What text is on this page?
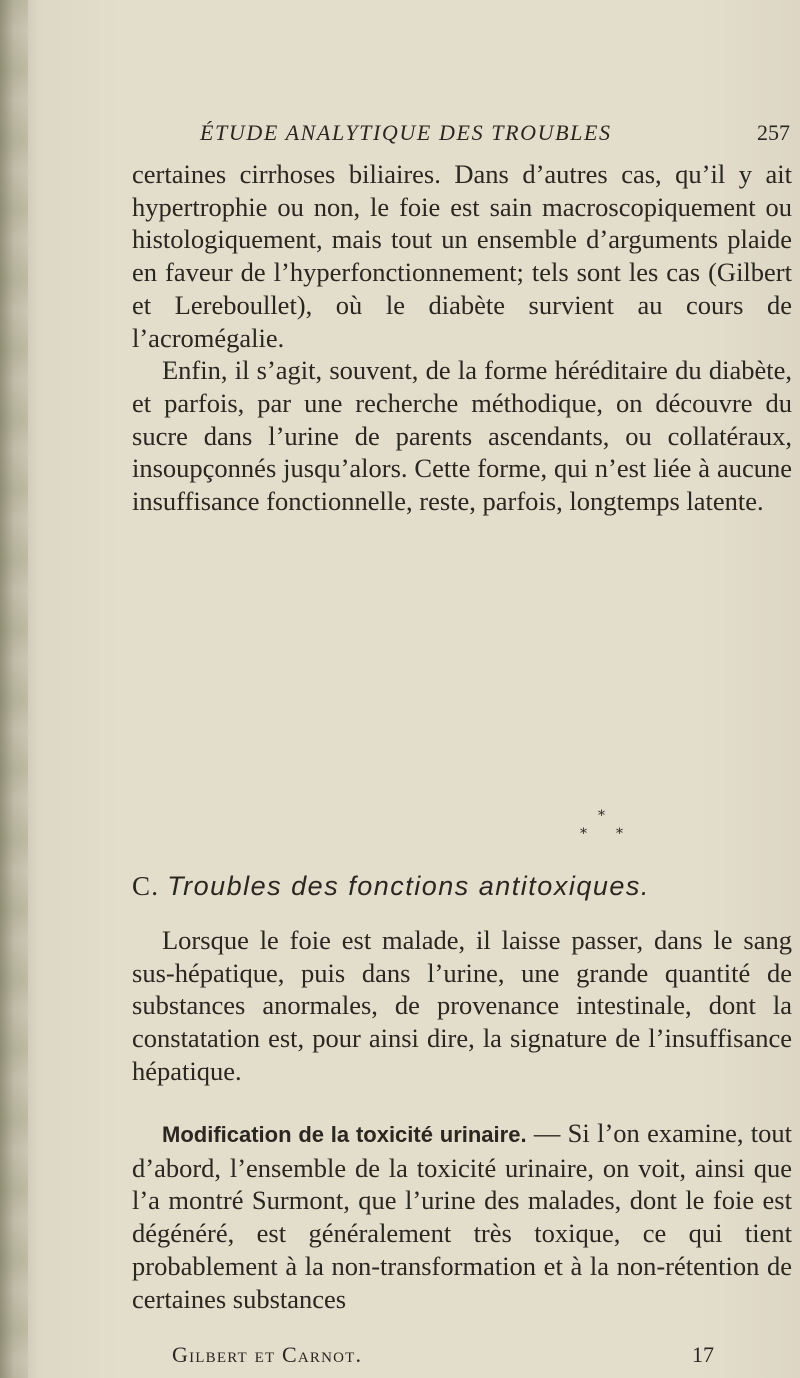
ÉTUDE ANALYTIQUE DES TROUBLES	257

certaines cirrhoses biliaires. Dans d’autres cas, qu’il y ait hypertrophie ou non, le foie est sain macroscopiquement ou histologiquement, mais tout un ensemble d’arguments plaide en faveur de l’hyperfonctionnement; tels sont les cas (Gilbert et Lereboullet), où le diabète survient au cours de l’acromégalie.

Enfin, il s’agit, souvent, de la forme héréditaire du diabète, et parfois, par une recherche méthodique, on découvre du sucre dans l’urine de parents ascendants, ou collatéraux, insoupçonnés jusqu’alors. Cette forme, qui n’est liée à aucune insuffisance fonctionnelle, reste, parfois, longtemps latente.

*
* *
C. Troubles des fonctions antitoxiques.

Lorsque le foie est malade, il laisse passer, dans le sang sus-hépatique, puis dans l’urine, une grande quantité de substances anormales, de provenance intestinale, dont la constatation est, pour ainsi dire, la signature de l’insuffisance hépatique.

Modification de la toxicité urinaire. — Si l’on examine, tout d’abord, l’ensemble de la toxicité urinaire, on voit, ainsi que l’a montré Surmont, que l’urine des malades, dont le foie est dégénéré, est généralement très toxique, ce qui tient probablement à la non-transformation et à la non-rétention de certaines substances

Gilbert et Carnot.	17
